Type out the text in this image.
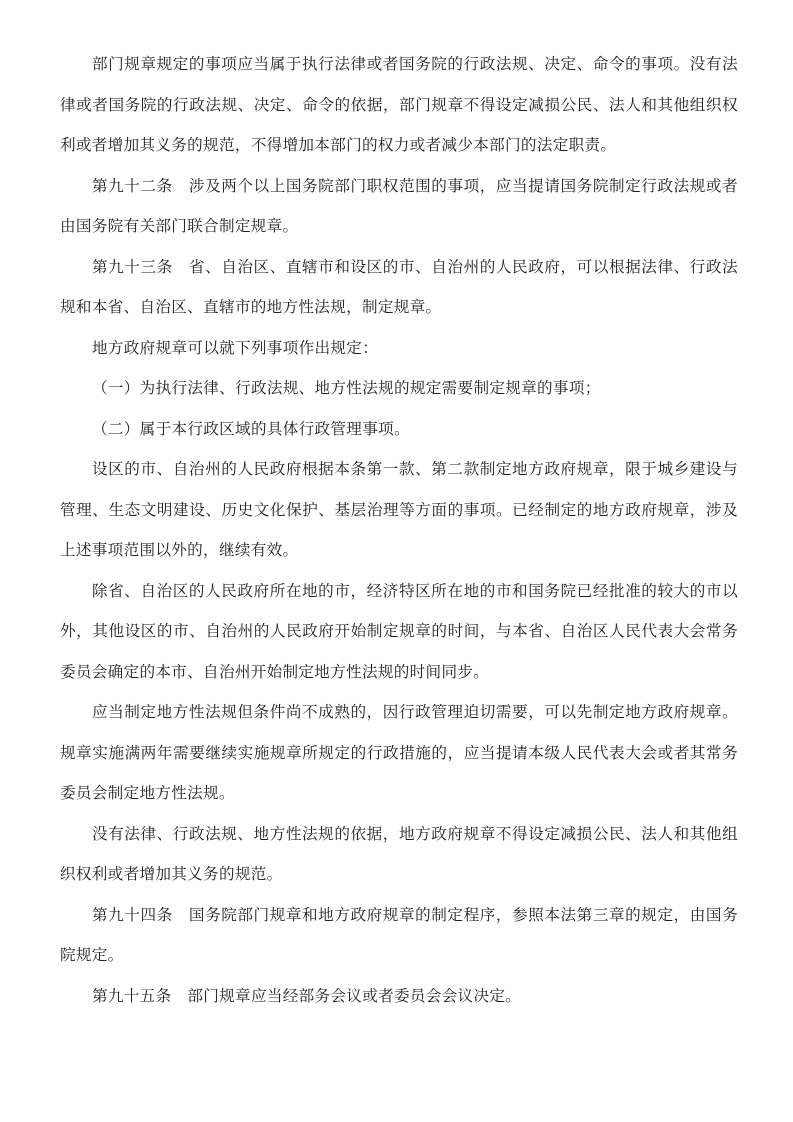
部门规章规定的事项应当属于执行法律或者国务院的行政法规、决定、命令的事项。没有法律或者国务院的行政法规、决定、命令的依据，部门规章不得设定减损公民、法人和其他组织权利或者增加其义务的规范，不得增加本部门的权力或者减少本部门的法定职责。

第九十二条　涉及两个以上国务院部门职权范围的事项，应当提请国务院制定行政法规或者由国务院有关部门联合制定规章。

第九十三条　省、自治区、直辖市和设区的市、自治州的人民政府，可以根据法律、行政法规和本省、自治区、直辖市的地方性法规，制定规章。

地方政府规章可以就下列事项作出规定：

（一）为执行法律、行政法规、地方性法规的规定需要制定规章的事项；

（二）属于本行政区域的具体行政管理事项。

设区的市、自治州的人民政府根据本条第一款、第二款制定地方政府规章，限于城乡建设与管理、生态文明建设、历史文化保护、基层治理等方面的事项。已经制定的地方政府规章，涉及上述事项范围以外的，继续有效。

除省、自治区的人民政府所在地的市，经济特区所在地的市和国务院已经批准的较大的市以外，其他设区的市、自治州的人民政府开始制定规章的时间，与本省、自治区人民代表大会常务委员会确定的本市、自治州开始制定地方性法规的时间同步。

应当制定地方性法规但条件尚不成熟的，因行政管理迫切需要，可以先制定地方政府规章。规章实施满两年需要继续实施规章所规定的行政措施的，应当提请本级人民代表大会或者其常务委员会制定地方性法规。

没有法律、行政法规、地方性法规的依据，地方政府规章不得设定减损公民、法人和其他组织权利或者增加其义务的规范。

第九十四条　国务院部门规章和地方政府规章的制定程序，参照本法第三章的规定，由国务院规定。

第九十五条　部门规章应当经部务会议或者委员会会议决定。
